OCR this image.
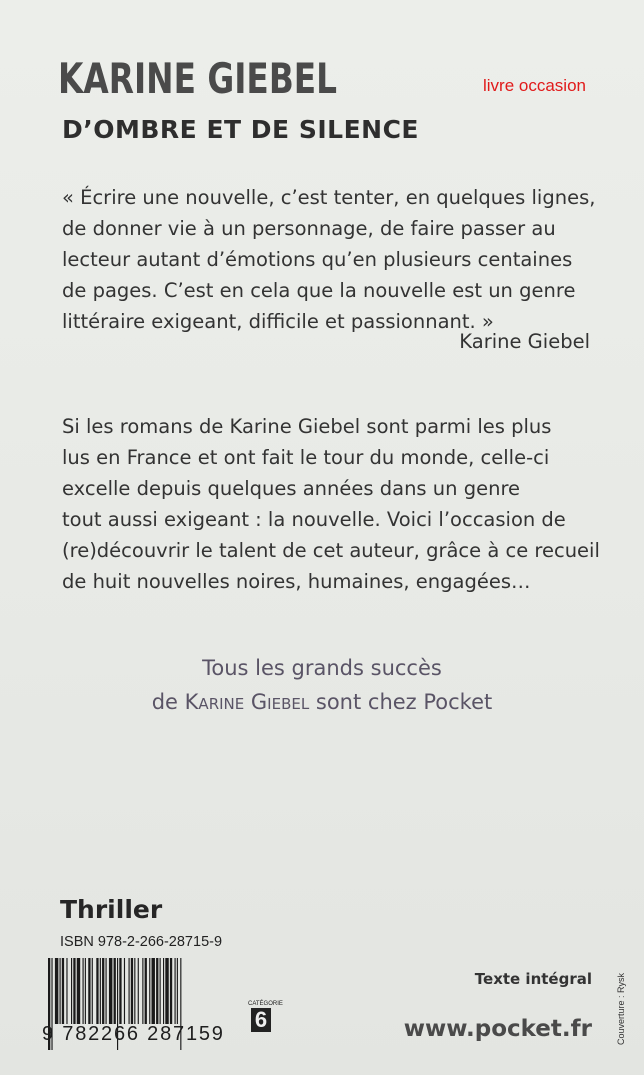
KARINE GIEBEL	livre occasion
D’OMBRE ET DE SILENCE

« Écrire une nouvelle, c’est tenter, en quelques lignes,

de donner vie à un personnage, de faire passer au

lecteur autant d’émotions qu’en plusieurs centaines

de pages. C’est en cela que la nouvelle est un genre

littéraire exigeant, difficile et passionnant. »

Karine Giebel

Si les romans de Karine Giebel sont parmi les plus

lus en France et ont fait le tour du monde, celle-ci

excelle depuis quelques années dans un genre

tout aussi exigeant : la nouvelle. Voici l’occasion de

(re)découvrir le talent de cet auteur, grâce à ce recueil

de huit nouvelles noires, humaines, engagées…

Tous les grands succès

de Karine Giebel sont chez Pocket

Thriller
ISBN 978-2-266-28715-9
9 782266 287159
CATÉGORIE
6
Texte intégral
www.pocket.fr	Couverture : Rysk
